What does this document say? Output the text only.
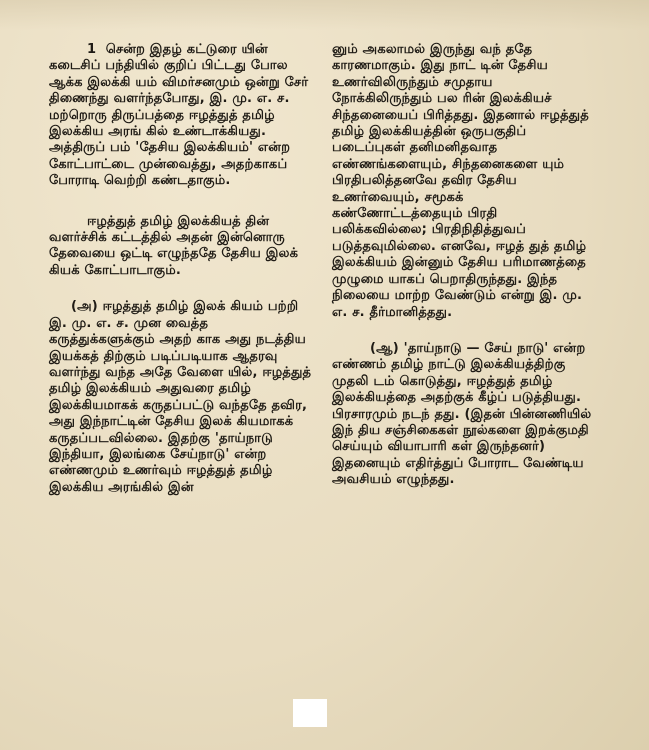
1 சென்ற இதழ் கட்டுரை யின் கடைசிப் பந்தியில் குறிப் பிட்டது போல ஆக்க இலக்கி யம் விமர்சனமும் ஒன்று சேர் திணைந்து வளர்ந்தபோது, இ. மு. எ. ச. மற்றொரு திருப்பத்தை ஈழத்துத் தமிழ் இலக்கிய அரங் கில் உண்டாக்கியது. அத்திருப் பம் 'தேசிய இலக்கியம்' என்ற கோட்பாட்டை முன்வைத்து, அதற்காகப் போராடி வெற்றி கண்டதாகும்.

ஈழத்துத் தமிழ் இலக்கியத் தின் வளர்ச்சிக் கட்டத்தில் அதன் இன்னொரு தேவையை ஒட்டி எழுந்ததே தேசிய இலக் கியக் கோட்பாடாகும்.

(அ) ஈழத்துத் தமிழ் இலக் கியம் பற்றி இ. மு. எ. ச. முன வைத்த கருத்துக்களுக்கும் அதற் காக அது நடத்திய இயக்கத் திற்கும் படிப்படியாக ஆதரவு வளர்ந்து வந்த அதே வேளை யில், ஈழத்துத் தமிழ் இலக்கியம் அதுவரை தமிழ் இலக்கியமாகக் கருதப்பட்டு வந்ததே தவிர, அது இந்நாட்டின் தேசிய இலக் கியமாகக் கருதப்படவில்லை. இதற்கு 'தாய்நாடு இந்தியா, இலங்கை சேய்நாடு' என்ற எண்ணமும் உணர்வும் ஈழத்துத் தமிழ் இலக்கிய அரங்கில் இன்

னும் அகலாமல் இருந்து வந் ததே காரணமாகும். இது நாட் டின் தேசிய உணர்விலிருந்தும் சமுதாய நோக்கிலிருந்தும் பல ரின் இலக்கியச் சிந்தனையைப் பிரித்தது. இதனால் ஈழத்துத் தமிழ் இலக்கியத்தின் ஒருபகுதிப் படைப்புகள் தனிமனிதவாத எண்ணங்களையும், சிந்தனைகளை யும் பிரதிபலித்தனவே தவிர தேசிய உணர்வையும், சமூகக் கண்ணோட்டத்தையும் பிரதி பலிக்கவில்லை; பிரதிநிதித்துவப் படுத்தவுமில்லை. எனவே, ஈழத் துத் தமிழ் இலக்கியம் இன்னும் தேசிய பரிமாணத்தை முழுமை யாகப் பெறாதிருந்தது. இந்த நிலையை மாற்ற வேண்டும் என்று இ. மு. எ. ச. தீர்மானித்தது.

(ஆ) 'தாய்நாடு — சேய் நாடு' என்ற எண்ணம் தமிழ் நாட்டு இலக்கியத்திற்கு முதலி டம் கொடுத்து, ஈழத்துத் தமிழ் இலக்கியத்தை அதற்குக் கீழ்ப் படுத்தியது. பிரசாரமும் நடந் தது. (இதன் பின்னணியில் இந் திய சஞ்சிகைகள் நூல்களை இறக்குமதி செய்யும் வியாபாரி கள் இருந்தனர்) இதனையும் எதிர்த்துப் போராட வேண்டிய அவசியம் எழுந்தது.
